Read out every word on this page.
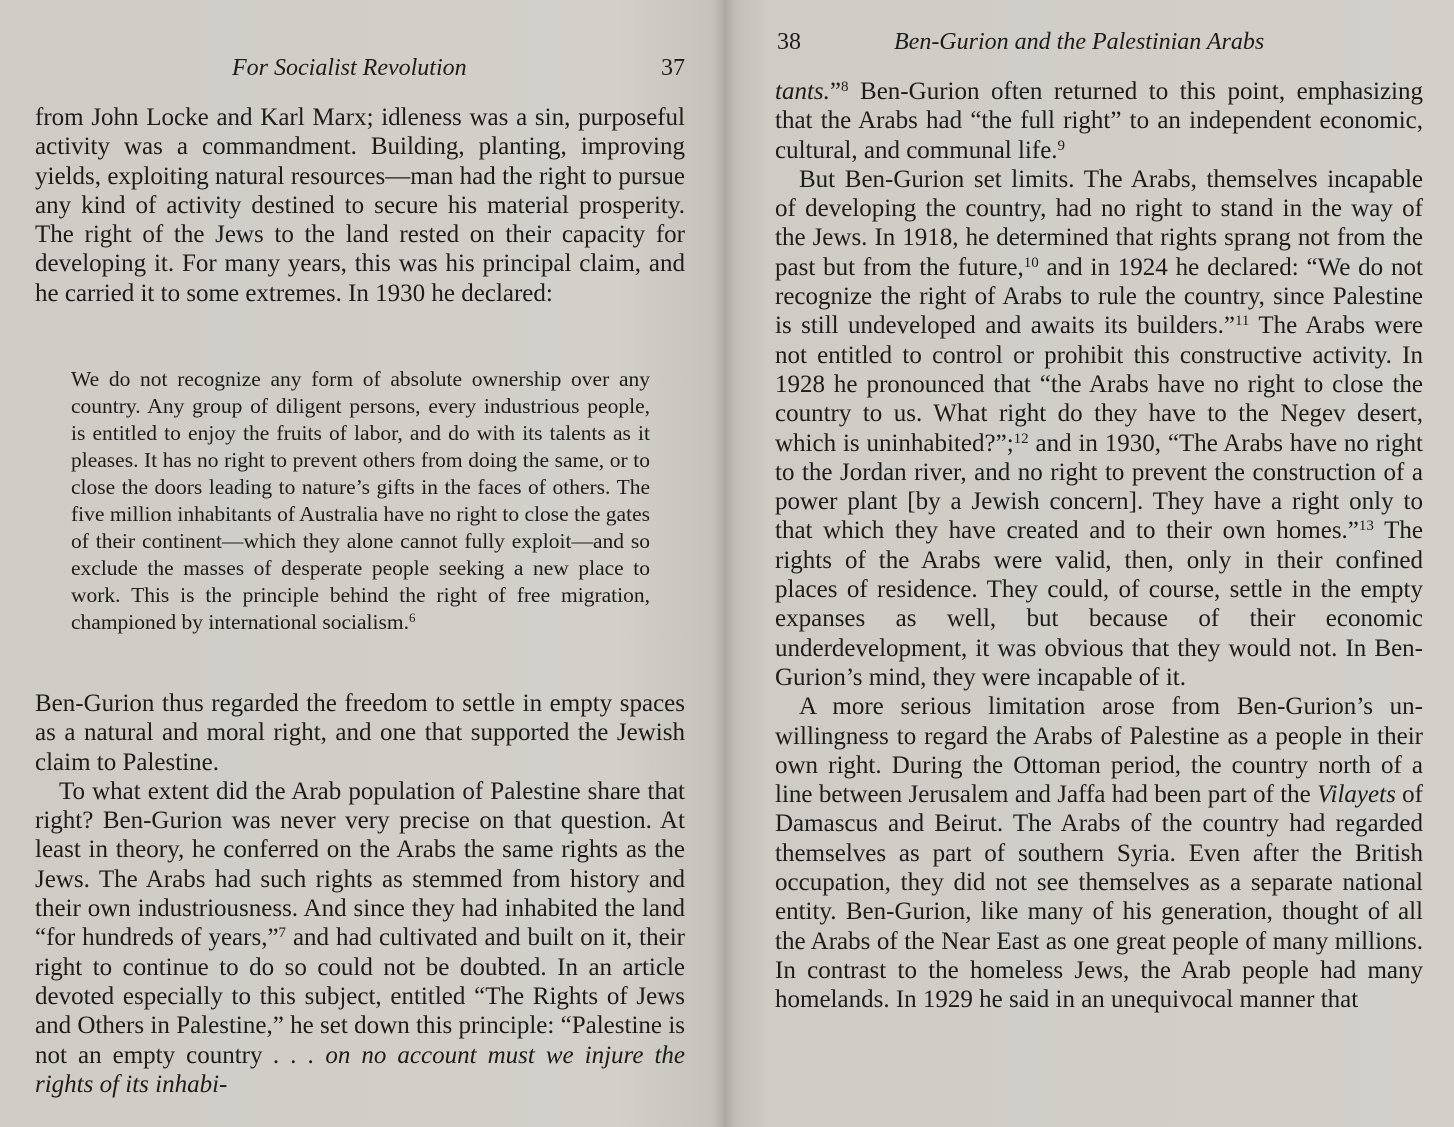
For Socialist Revolution	37

from John Locke and Karl Marx; idleness was a sin, purposeful activity was a commandment. Building, planting, improving yields, exploiting natural resources—man had the right to pursue any kind of activity destined to secure his material prosperity. The right of the Jews to the land rested on their capacity for developing it. For many years, this was his principal claim, and he carried it to some extremes. In 1930 he declared:

We do not recognize any form of absolute ownership over any country. Any group of diligent persons, every industrious people, is entitled to enjoy the fruits of labor, and do with its talents as it pleases. It has no right to prevent others from doing the same, or to close the doors leading to nature’s gifts in the faces of others. The five million inhabitants of Australia have no right to close the gates of their continent—which they alone cannot fully exploit—and so exclude the masses of desperate people seeking a new place to work. This is the principle behind the right of free migration, championed by international socialism.$^6$

Ben-Gurion thus regarded the freedom to settle in empty spaces as a natural and moral right, and one that supported the Jewish claim to Palestine.

To what extent did the Arab population of Palestine share that right? Ben-Gurion was never very precise on that question. At least in theory, he conferred on the Arabs the same rights as the Jews. The Arabs had such rights as stemmed from history and their own industriousness. And since they had inhabited the land “for hundreds of years,”$^7$ and had cultivated and built on it, their right to continue to do so could not be doubted. In an article devoted especially to this subject, entitled “The Rights of Jews and Others in Palestine,” he set down this principle: “Palestine is not an empty country . . . on no account must we injure the rights of its inhabi-

38	Ben-Gurion and the Palestinian Arabs

tants.”$^8$ Ben-Gurion often returned to this point, emphasizing that the Arabs had “the full right” to an independent economic, cultural, and communal life.$^9$

But Ben-Gurion set limits. The Arabs, themselves incapable of developing the country, had no right to stand in the way of the Jews. In 1918, he determined that rights sprang not from the past but from the future,$^{10}$ and in 1924 he declared: “We do not recognize the right of Arabs to rule the country, since Palestine is still undeveloped and awaits its builders.”$^{11}$ The Arabs were not entitled to control or prohibit this constructive activity. In 1928 he pronounced that “the Arabs have no right to close the country to us. What right do they have to the Negev desert, which is uninhabited?”;$^{12}$ and in 1930, “The Arabs have no right to the Jordan river, and no right to prevent the construction of a power plant [by a Jewish concern]. They have a right only to that which they have created and to their own homes.”$^{13}$ The rights of the Arabs were valid, then, only in their confined places of residence. They could, of course, settle in the empty expanses as well, but because of their economic underdevelopment, it was obvious that they would not. In Ben-Gurion’s mind, they were incapable of it.

A more serious limitation arose from Ben-Gurion’s unwillingness to regard the Arabs of Palestine as a people in their own right. During the Ottoman period, the country north of a line between Jerusalem and Jaffa had been part of the Vilayets of Damascus and Beirut. The Arabs of the country had regarded themselves as part of southern Syria. Even after the British occupation, they did not see themselves as a separate national entity. Ben-Gurion, like many of his generation, thought of all the Arabs of the Near East as one great people of many millions. In contrast to the homeless Jews, the Arab people had many homelands. In 1929 he said in an unequivocal manner that
